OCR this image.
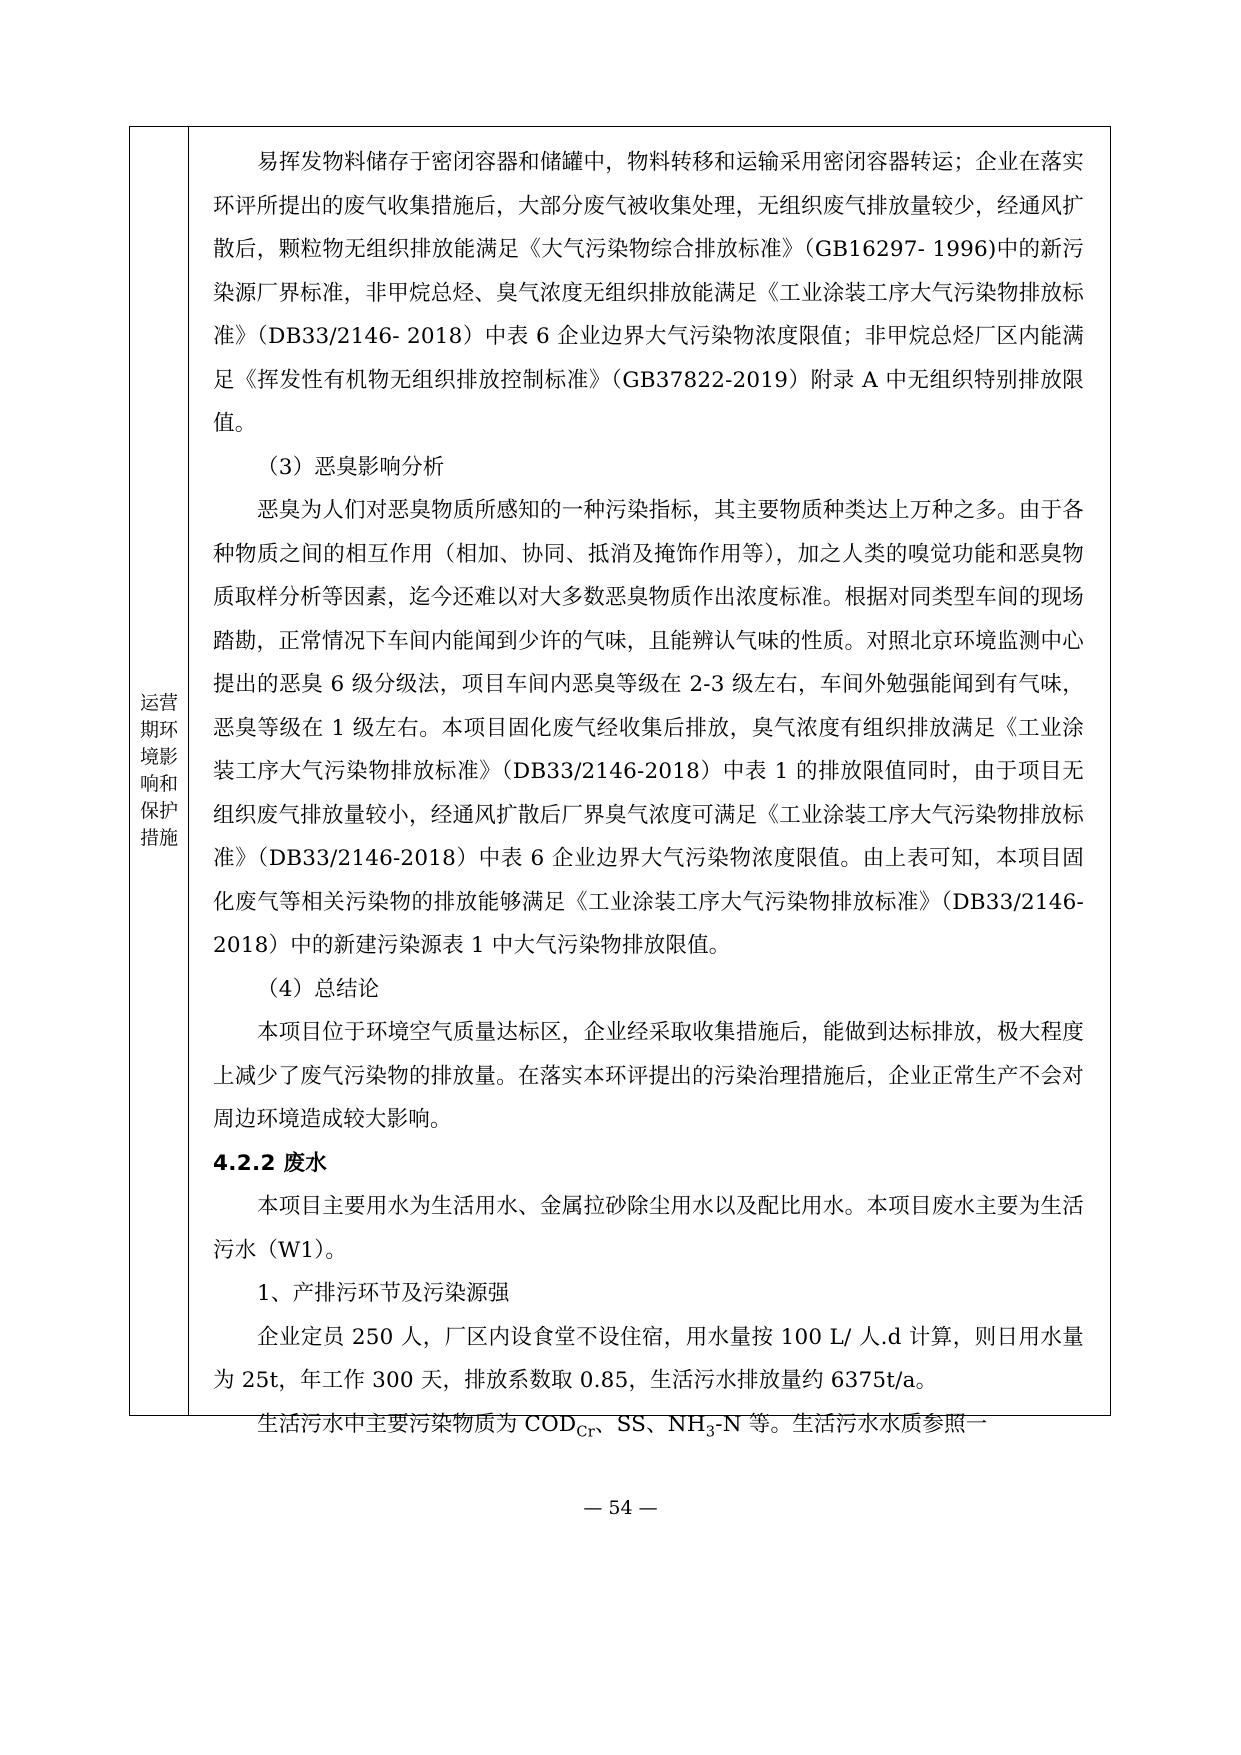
运营期环境影响和保护措施

易挥发物料储存于密闭容器和储罐中，物料转移和运输采用密闭容器转运；企业在落实环评所提出的废气收集措施后，大部分废气被收集处理，无组织废气排放量较少，经通风扩散后，颗粒物无组织排放能满足《大气污染物综合排放标准》（GB16297- 1996)中的新污染源厂界标准，非甲烷总烃、臭气浓度无组织排放能满足《工业涂装工序大气污染物排放标准》（DB33/2146- 2018）中表 6 企业边界大气污染物浓度限值；非甲烷总烃厂区内能满足《挥发性有机物无组织排放控制标准》（GB37822-2019）附录 A 中无组织特别排放限值。

（3）恶臭影响分析

恶臭为人们对恶臭物质所感知的一种污染指标，其主要物质种类达上万种之多。由于各种物质之间的相互作用（相加、协同、抵消及掩饰作用等），加之人类的嗅觉功能和恶臭物质取样分析等因素，迄今还难以对大多数恶臭物质作出浓度标准。根据对同类型车间的现场踏勘，正常情况下车间内能闻到少许的气味，且能辨认气味的性质。对照北京环境监测中心提出的恶臭 6 级分级法，项目车间内恶臭等级在 2-3 级左右，车间外勉强能闻到有气味，恶臭等级在 1 级左右。本项目固化废气经收集后排放，臭气浓度有组织排放满足《工业涂装工序大气污染物排放标准》（DB33/2146-2018）中表 1 的排放限值同时，由于项目无组织废气排放量较小，经通风扩散后厂界臭气浓度可满足《工业涂装工序大气污染物排放标准》（DB33/2146-2018）中表 6 企业边界大气污染物浓度限值。由上表可知，本项目固化废气等相关污染物的排放能够满足《工业涂装工序大气污染物排放标准》（DB33/2146-2018）中的新建污染源表 1 中大气污染物排放限值。

（4）总结论

本项目位于环境空气质量达标区，企业经采取收集措施后，能做到达标排放，极大程度上减少了废气污染物的排放量。在落实本环评提出的污染治理措施后，企业正常生产不会对周边环境造成较大影响。

4.2.2 废水

本项目主要用水为生活用水、金属拉砂除尘用水以及配比用水。本项目废水主要为生活污水（W1）。

1、产排污环节及污染源强

企业定员 250 人，厂区内设食堂不设住宿，用水量按 100 L/ 人.d 计算，则日用水量为 25t，年工作 300 天，排放系数取 0.85，生活污水排放量约 6375t/a。

生活污水中主要污染物质为 $COD_{Cr}$、SS、$NH_3-N$ 等。生活污水水质参照一

— 54 —
